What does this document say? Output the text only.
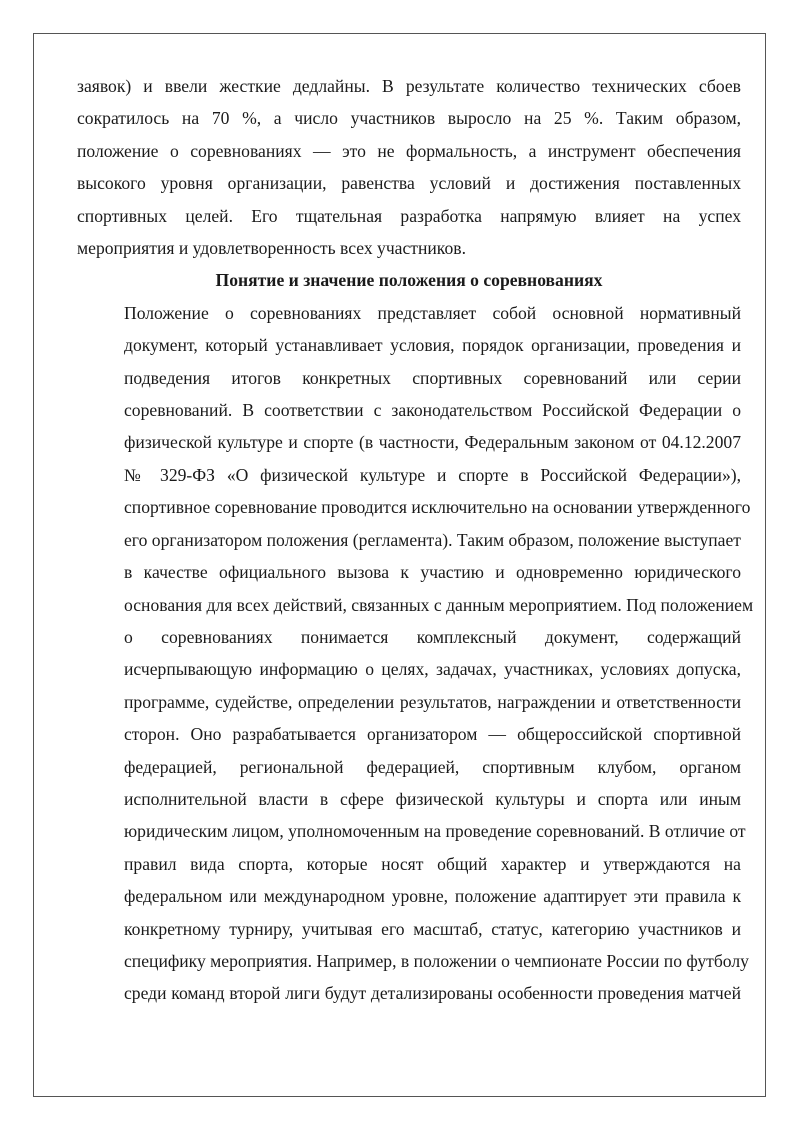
заявок) и ввели жесткие дедлайны. В результате количество технических сбоев
сократилось на 70 %, а число участников выросло на 25 %. Таким образом,
положение о соревнованиях — это не формальность, а инструмент обеспечения
высокого уровня организации, равенства условий и достижения поставленных
спортивных целей. Его тщательная разработка напрямую влияет на успех
мероприятия и удовлетворенность всех участников.
Понятие и значение положения о соревнованиях
Положение о соревнованиях представляет собой основной нормативный
документ, который устанавливает условия, порядок организации, проведения и
подведения итогов конкретных спортивных соревнований или серии
соревнований. В соответствии с законодательством Российской Федерации о
физической культуре и спорте (в частности, Федеральным законом от 04.12.2007
№ 329-ФЗ «О физической культуре и спорте в Российской Федерации»),
спортивное соревнование проводится исключительно на основании утвержденного
его организатором положения (регламента). Таким образом, положение выступает
в качестве официального вызова к участию и одновременно юридического
основания для всех действий, связанных с данным мероприятием. Под положением
о соревнованиях понимается комплексный документ, содержащий
исчерпывающую информацию о целях, задачах, участниках, условиях допуска,
программе, судействе, определении результатов, награждении и ответственности
сторон. Оно разрабатывается организатором — общероссийской спортивной
федерацией, региональной федерацией, спортивным клубом, органом
исполнительной власти в сфере физической культуры и спорта или иным
юридическим лицом, уполномоченным на проведение соревнований. В отличие от
правил вида спорта, которые носят общий характер и утверждаются на
федеральном или международном уровне, положение адаптирует эти правила к
конкретному турниру, учитывая его масштаб, статус, категорию участников и
специфику мероприятия. Например, в положении о чемпионате России по футболу
среди команд второй лиги будут детализированы особенности проведения матчей
